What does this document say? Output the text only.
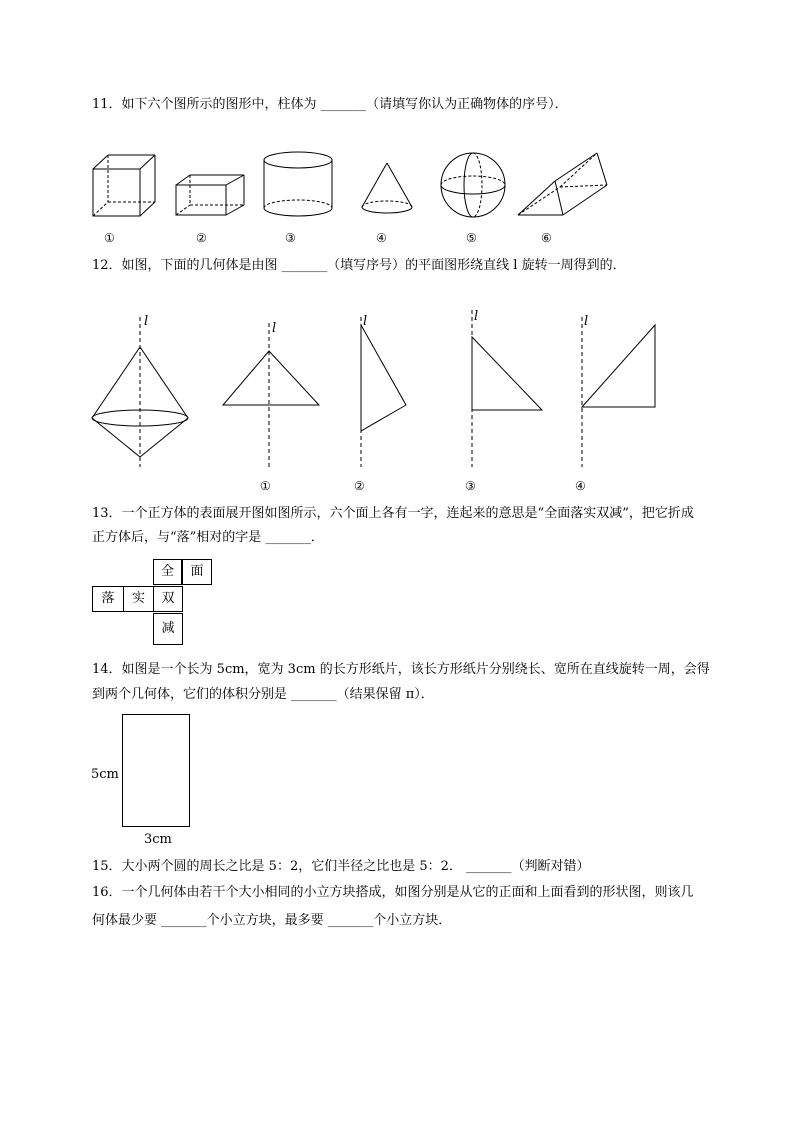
11．如下六个图所示的图形中，柱体为 _______（请填写你认为正确物体的序号）．
①	②	③	④	⑤	⑥
12．如图，下面的几何体是由图 _______（填写序号）的平面图形绕直线 l 旋转一周得到的．
l	l	l	l	l
①	②	③	④
13．一个正方体的表面展开图如图所示，六个面上各有一字，连起来的意思是“全面落实双减”，把它折成
正方体后，与“落”相对的字是 _______．
全	面
落	实	双
减
14．如图是一个长为 5cm，宽为 3cm 的长方形纸片，该长方形纸片分别绕长、宽所在直线旋转一周，会得
到两个几何体，它们的体积分别是 _______（结果保留 π）．
5cm
3cm
15．大小两个圆的周长之比是 5：2，它们半径之比也是 5：2． _______（判断对错）
16．一个几何体由若干个大小相同的小立方块搭成，如图分别是从它的正面和上面看到的形状图，则该几
何体最少要 _______个小立方块，最多要 _______个小立方块．
